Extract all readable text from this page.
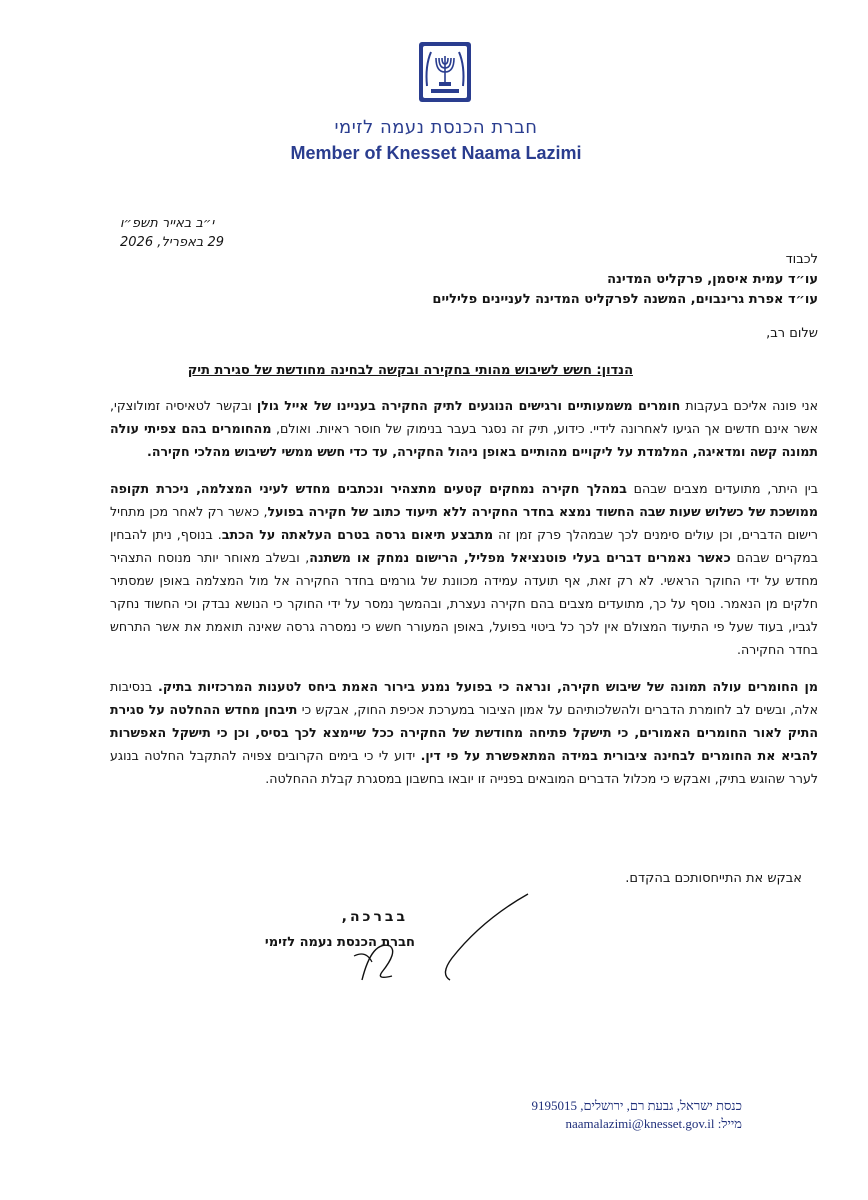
חברת הכנסת נעמה לזימי
Member of Knesset Naama Lazimi
י״ב באייר תשפ״ו
29 באפריל, 2026
לכבוד
עו״ד עמית איסמן, פרקליט המדינה
עו״ד אפרת גרינבוים, המשנה לפרקליט המדינה לעניינים פליליים
שלום רב,
הנדון: חשש לשיבוש מהותי בחקירה ובקשה לבחינה מחודשת של סגירת תיק

אני פונה אליכם בעקבות חומרים משמעותיים ורגישים הנוגעים לתיק החקירה בעניינו של אייל גולן ובקשר לטאיסיה זמולוצקי, אשר אינם חדשים אך הגיעו לאחרונה לידיי. כידוע, תיק זה נסגר בעבר בנימוק של חוסר ראיות. ואולם, מהחומרים בהם צפיתי עולה תמונה קשה ומדאיגה, המלמדת על ליקויים מהותיים באופן ניהול החקירה, עד כדי חשש ממשי לשיבוש מהלכי חקירה.

בין היתר, מתועדים מצבים שבהם במהלך חקירה נמחקים קטעים מתצהיר ונכתבים מחדש לעיני המצלמה, ניכרת תקופה ממושכת של כשלוש שעות שבה החשוד נמצא בחדר החקירה ללא תיעוד כתוב של חקירה בפועל, כאשר רק לאחר מכן מתחיל רישום הדברים, וכן עולים סימנים לכך שבמהלך פרק זמן זה מתבצע תיאום גרסה בטרם העלאתה על הכתב. בנוסף, ניתן להבחין במקרים שבהם כאשר נאמרים דברים בעלי פוטנציאל מפליל, הרישום נמחק או משתנה, ובשלב מאוחר יותר מנוסח התצהיר מחדש על ידי החוקר הראשי. לא רק זאת, אף תועדה עמידה מכוונת של גורמים בחדר החקירה אל מול המצלמה באופן שמסתיר חלקים מן הנאמר. נוסף על כך, מתועדים מצבים בהם חקירה נעצרת, ובהמשך נמסר על ידי החוקר כי הנושא נבדק וכי החשוד נחקר לגביו, בעוד שעל פי התיעוד המצולם אין לכך כל ביטוי בפועל, באופן המעורר חשש כי נמסרה גרסה שאינה תואמת את אשר התרחש בחדר החקירה.

מן החומרים עולה תמונה של שיבוש חקירה, ונראה כי בפועל נמנע בירור האמת ביחס לטענות המרכזיות בתיק. בנסיבות אלה, ובשים לב לחומרת הדברים ולהשלכותיהם על אמון הציבור במערכת אכיפת החוק, אבקש כי תיבחן מחדש ההחלטה על סגירת התיק לאור החומרים האמורים, כי תישקל פתיחה מחודשת של החקירה ככל שיימצא לכך בסיס, וכן כי תישקל האפשרות להביא את החומרים לבחינה ציבורית במידה המתאפשרת על פי דין. ידוע לי כי בימים הקרובים צפויה להתקבל החלטה בנוגע לערר שהוגש בתיק, ואבקש כי מכלול הדברים המובאים בפנייה זו יובאו בחשבון במסגרת קבלת ההחלטה.

אבקש את התייחסותכם בהקדם.
בברכה,
חברת הכנסת נעמה לזימי
כנסת ישראל, גבעת רם, ירושלים, 9195015
מייל: naamalazimi@knesset.gov.il
